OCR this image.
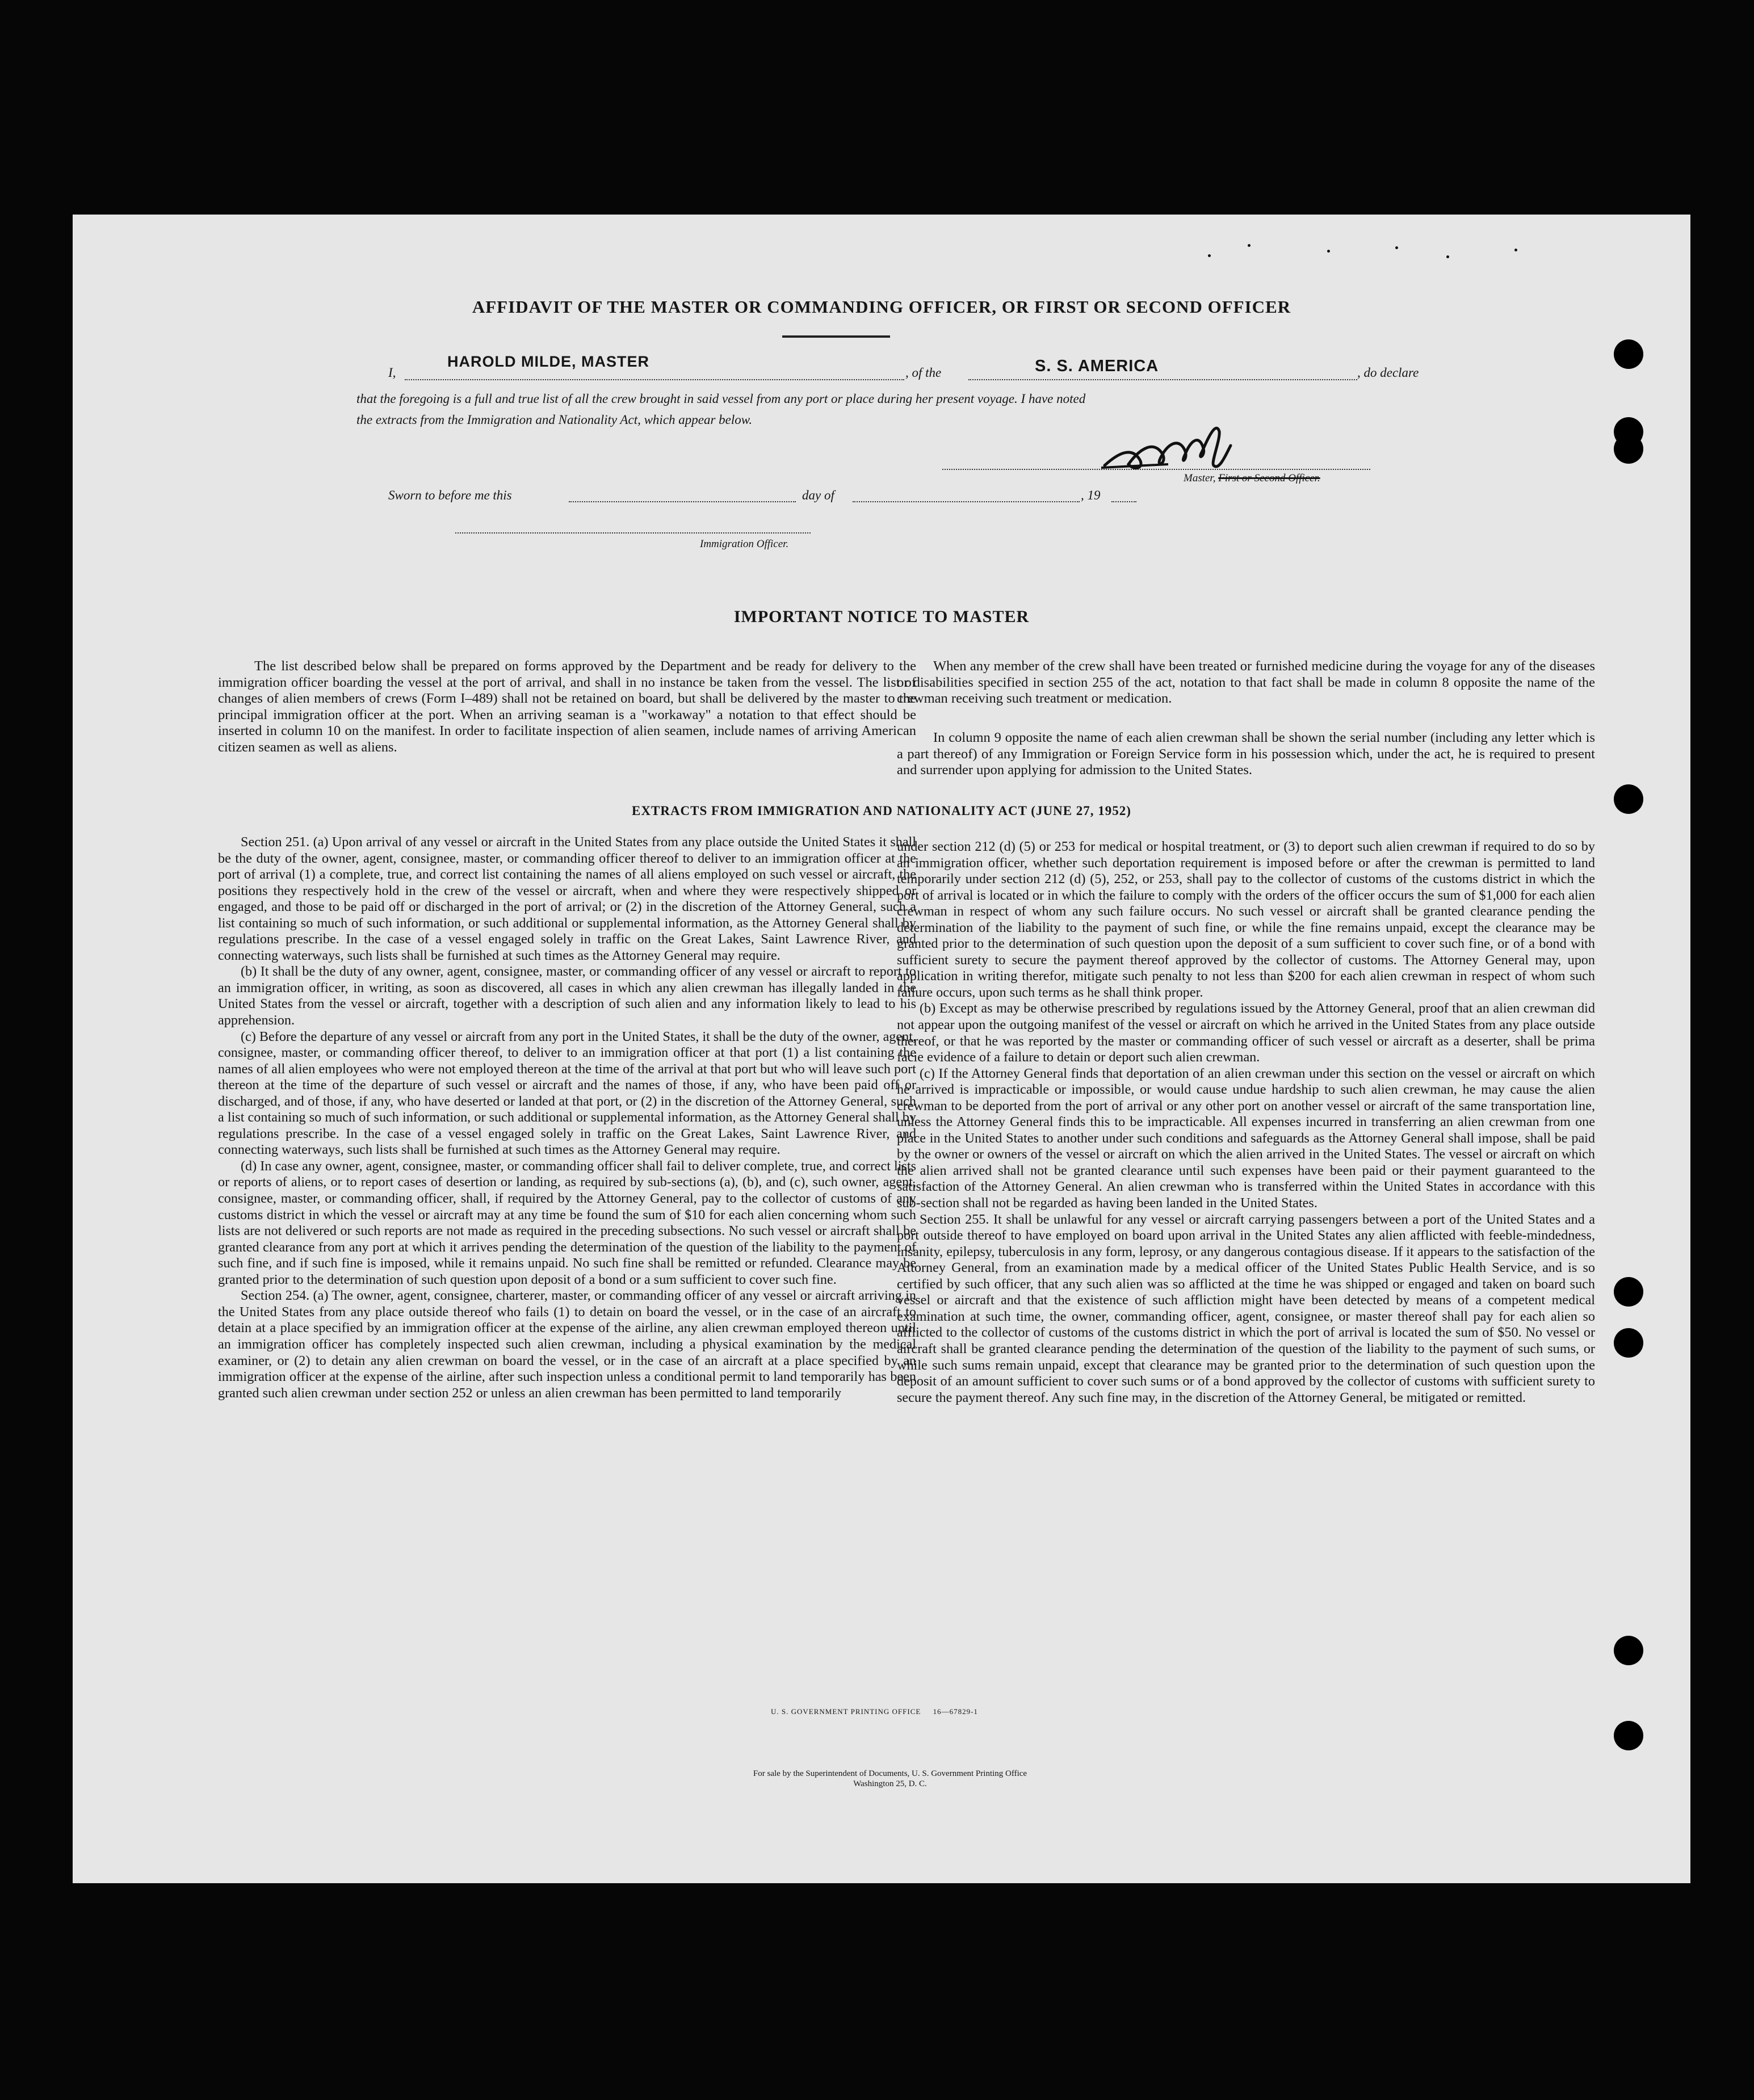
AFFIDAVIT OF THE MASTER OR COMMANDING OFFICER, OR FIRST OR SECOND OFFICER
I,
HAROLD MILDE, MASTER
, of the	S. S. AMERICA	, do declare
that the foregoing is a full and true list of all the crew brought in said vessel from any port or place during her present voyage. I have noted
the extracts from the Immigration and Nationality Act, which appear below.
Master, First or Second Officer.
Sworn to before me this	day of	, 19
Immigration Officer.
IMPORTANT NOTICE TO MASTER

The list described below shall be prepared on forms approved by the Department and be ready for delivery to the immigration officer boarding the vessel at the port of arrival, and shall in no instance be taken from the vessel. The list of changes of alien members of crews (Form I–489) shall not be retained on board, but shall be delivered by the master to the principal immigration officer at the port. When an arriving seaman is a "workaway" a notation to that effect should be inserted in column 10 on the manifest. In order to facilitate inspection of alien seamen, include names of arriving American citizen seamen as well as aliens.

When any member of the crew shall have been treated or furnished medicine during the voyage for any of the diseases or disabilities specified in section 255 of the act, notation to that fact shall be made in column 8 opposite the name of the crewman receiving such treatment or medication.

In column 9 opposite the name of each alien crewman shall be shown the serial number (including any letter which is a part thereof) of any Immigration or Foreign Service form in his possession which, under the act, he is required to present and surrender upon applying for admission to the United States.

EXTRACTS FROM IMMIGRATION AND NATIONALITY ACT (JUNE 27, 1952)

Section 251. (a) Upon arrival of any vessel or aircraft in the United States from any place outside the United States it shall be the duty of the owner, agent, consignee, master, or commanding officer thereof to deliver to an immigration officer at the port of arrival (1) a complete, true, and correct list containing the names of all aliens employed on such vessel or aircraft, the positions they respectively hold in the crew of the vessel or aircraft, when and where they were respectively shipped or engaged, and those to be paid off or discharged in the port of arrival; or (2) in the discretion of the Attorney General, such a list containing so much of such information, or such additional or supplemental information, as the Attorney General shall by regulations prescribe. In the case of a vessel engaged solely in traffic on the Great Lakes, Saint Lawrence River, and connecting waterways, such lists shall be furnished at such times as the Attorney General may require.

(b) It shall be the duty of any owner, agent, consignee, master, or commanding officer of any vessel or aircraft to report to an immigration officer, in writing, as soon as discovered, all cases in which any alien crewman has illegally landed in the United States from the vessel or aircraft, together with a description of such alien and any information likely to lead to his apprehension.

(c) Before the departure of any vessel or aircraft from any port in the United States, it shall be the duty of the owner, agent, consignee, master, or commanding officer thereof, to deliver to an immigration officer at that port (1) a list containing the names of all alien employees who were not employed thereon at the time of the arrival at that port but who will leave such port thereon at the time of the departure of such vessel or aircraft and the names of those, if any, who have been paid off or discharged, and of those, if any, who have deserted or landed at that port, or (2) in the discretion of the Attorney General, such a list containing so much of such information, or such additional or supplemental information, as the Attorney General shall by regulations prescribe. In the case of a vessel engaged solely in traffic on the Great Lakes, Saint Lawrence River, and connecting waterways, such lists shall be furnished at such times as the Attorney General may require.

(d) In case any owner, agent, consignee, master, or commanding officer shall fail to deliver complete, true, and correct lists or reports of aliens, or to report cases of desertion or landing, as required by sub-sections (a), (b), and (c), such owner, agent, consignee, master, or commanding officer, shall, if required by the Attorney General, pay to the collector of customs of any customs district in which the vessel or aircraft may at any time be found the sum of $10 for each alien concerning whom such lists are not delivered or such reports are not made as required in the preceding subsections. No such vessel or aircraft shall be granted clearance from any port at which it arrives pending the determination of the question of the liability to the payment of such fine, and if such fine is imposed, while it remains unpaid. No such fine shall be remitted or refunded. Clearance may be granted prior to the determination of such question upon deposit of a bond or a sum sufficient to cover such fine.

Section 254. (a) The owner, agent, consignee, charterer, master, or commanding officer of any vessel or aircraft arriving in the United States from any place outside thereof who fails (1) to detain on board the vessel, or in the case of an aircraft to detain at a place specified by an immigration officer at the expense of the airline, any alien crewman employed thereon until an immigration officer has completely inspected such alien crewman, including a physical examination by the medical examiner, or (2) to detain any alien crewman on board the vessel, or in the case of an aircraft at a place specified by an immigration officer at the expense of the airline, after such inspection unless a conditional permit to land temporarily has been granted such alien crewman under section 252 or unless an alien crewman has been permitted to land temporarily

under section 212 (d) (5) or 253 for medical or hospital treatment, or (3) to deport such alien crewman if required to do so by an immigration officer, whether such deportation requirement is imposed before or after the crewman is permitted to land temporarily under section 212 (d) (5), 252, or 253, shall pay to the collector of customs of the customs district in which the port of arrival is located or in which the failure to comply with the orders of the officer occurs the sum of $1,000 for each alien crewman in respect of whom any such failure occurs. No such vessel or aircraft shall be granted clearance pending the determination of the liability to the payment of such fine, or while the fine remains unpaid, except the clearance may be granted prior to the determination of such question upon the deposit of a sum sufficient to cover such fine, or of a bond with sufficient surety to secure the payment thereof approved by the collector of customs. The Attorney General may, upon application in writing therefor, mitigate such penalty to not less than $200 for each alien crewman in respect of whom such failure occurs, upon such terms as he shall think proper.

(b) Except as may be otherwise prescribed by regulations issued by the Attorney General, proof that an alien crewman did not appear upon the outgoing manifest of the vessel or aircraft on which he arrived in the United States from any place outside thereof, or that he was reported by the master or commanding officer of such vessel or aircraft as a deserter, shall be prima facie evidence of a failure to detain or deport such alien crewman.

(c) If the Attorney General finds that deportation of an alien crewman under this section on the vessel or aircraft on which he arrived is impracticable or impossible, or would cause undue hardship to such alien crewman, he may cause the alien crewman to be deported from the port of arrival or any other port on another vessel or aircraft of the same transportation line, unless the Attorney General finds this to be impracticable. All expenses incurred in transferring an alien crewman from one place in the United States to another under such conditions and safeguards as the Attorney General shall impose, shall be paid by the owner or owners of the vessel or aircraft on which the alien arrived in the United States. The vessel or aircraft on which the alien arrived shall not be granted clearance until such expenses have been paid or their payment guaranteed to the satisfaction of the Attorney General. An alien crewman who is transferred within the United States in accordance with this sub-section shall not be regarded as having been landed in the United States.

Section 255. It shall be unlawful for any vessel or aircraft carrying passengers between a port of the United States and a port outside thereof to have employed on board upon arrival in the United States any alien afflicted with feeble-mindedness, insanity, epilepsy, tuberculosis in any form, leprosy, or any dangerous contagious disease. If it appears to the satisfaction of the Attorney General, from an examination made by a medical officer of the United States Public Health Service, and is so certified by such officer, that any such alien was so afflicted at the time he was shipped or engaged and taken on board such vessel or aircraft and that the existence of such affliction might have been detected by means of a competent medical examination at such time, the owner, commanding officer, agent, consignee, or master thereof shall pay for each alien so afflicted to the collector of customs of the customs district in which the port of arrival is located the sum of $50. No vessel or aircraft shall be granted clearance pending the determination of the question of the liability to the payment of such sums, or while such sums remain unpaid, except that clearance may be granted prior to the determination of such question upon the deposit of an amount sufficient to cover such sums or of a bond approved by the collector of customs with sufficient surety to secure the payment thereof. Any such fine may, in the discretion of the Attorney General, be mitigated or remitted.

U. S. GOVERNMENT PRINTING OFFICE     16—67829-1
For sale by the Superintendent of Documents, U. S. Government Printing Office
Washington 25, D. C.
